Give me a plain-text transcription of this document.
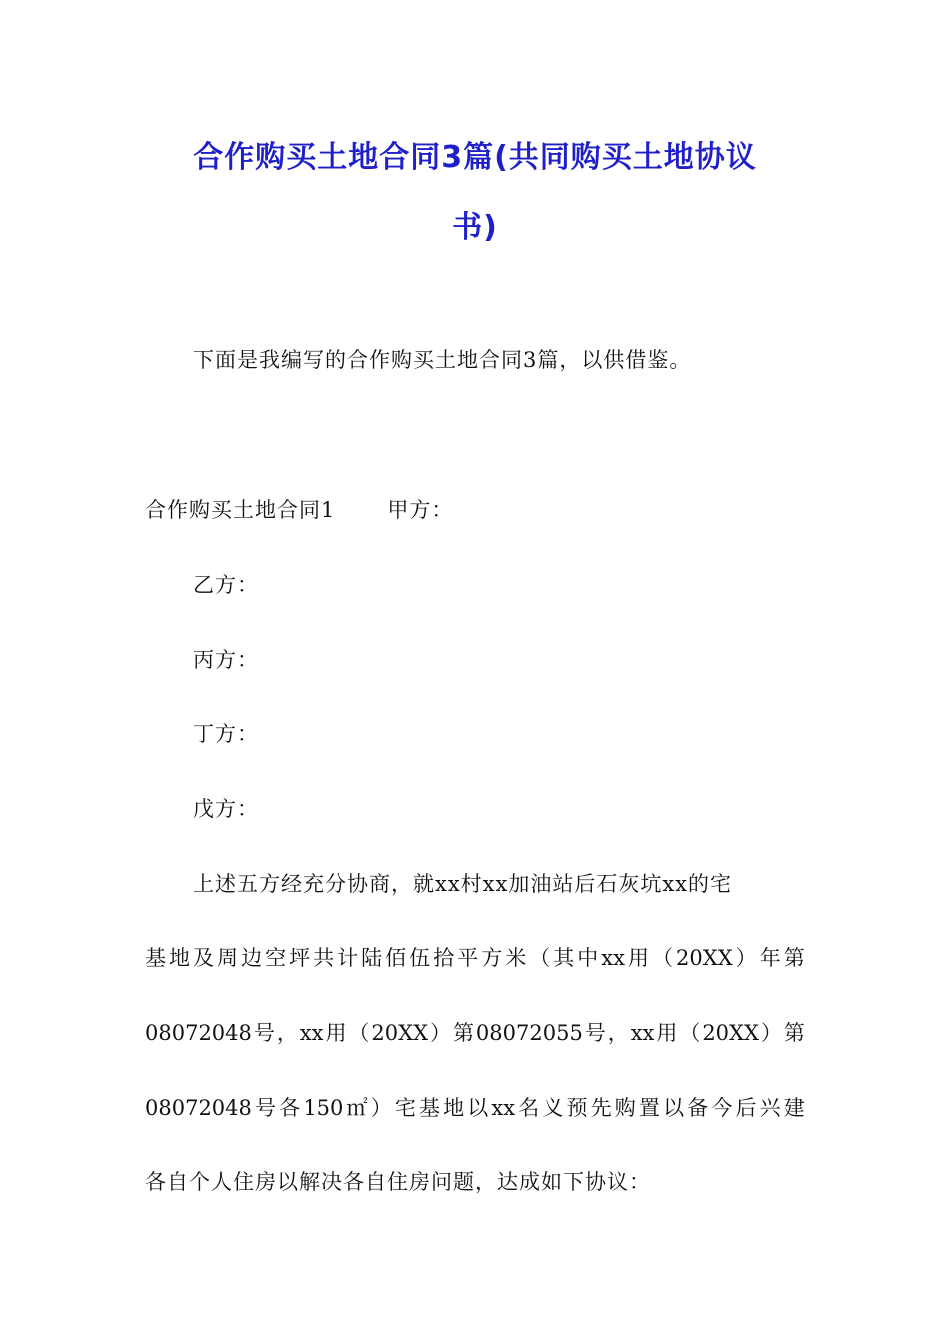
合作购买土地合同3篇(共同购买土地协议
书)
下面是我编写的合作购买土地合同3篇，以供借鉴。
合作购买土地合同1 甲方：
乙方：
丙方：
丁方：
戊方：
上述五方经充分协商，就xx村xx加油站后石灰坑xx的宅
基 地 及 周 边 空 坪 共 计 陆 佰 伍 拾 平 方 米 （ 其 中 xx 用 （ 20XX ） 年 第
08072048 号 ， xx 用 （ 20XX ） 第 08072055 号 ， xx 用 （ 20XX ） 第
08072048 号 各 150 ㎡ ） 宅 基 地 以 xx 名 义 预 先 购 置 以 备 今 后 兴 建
各自个人住房以解决各自住房问题，达成如下协议：
